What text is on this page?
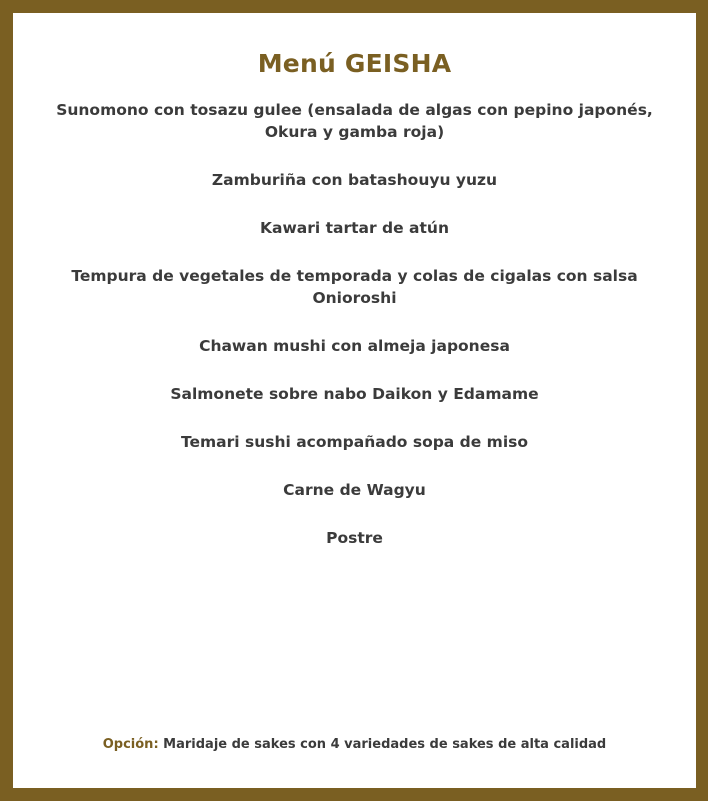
Menú GEISHA
Sunomono con tosazu gulee (ensalada de algas con pepino japonés, Okura y gamba roja)
Zamburiña con batashouyu yuzu
Kawari tartar de atún
Tempura de vegetales de temporada y colas de cigalas con salsa Onioroshi
Chawan mushi con almeja japonesa
Salmonete sobre nabo Daikon y Edamame
Temari sushi acompañado sopa de miso
Carne de Wagyu
Postre
Opción: Maridaje de sakes con 4 variedades de sakes de alta calidad
